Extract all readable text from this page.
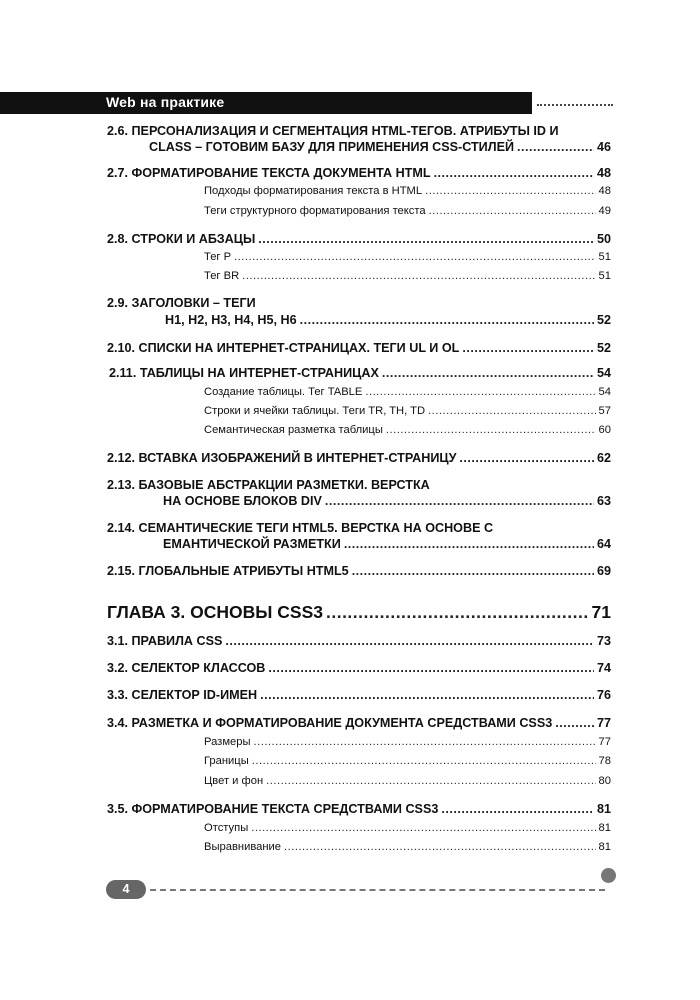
Web на практике
2.6. ПЕРСОНАЛИЗАЦИЯ И СЕГМЕНТАЦИЯ HTML-ТЕГОВ. АТРИБУТЫ ID И
CLASS – ГОТОВИМ БАЗУ ДЛЯ ПРИМЕНЕНИЯ CSS-СТИЛЕЙ .....	46
2.7. ФОРМАТИРОВАНИЕ ТЕКСТА ДОКУМЕНТА HTML .....	48
Подходы форматирования текста в HTML .....	48
Теги структурного форматирования текста .....	49
2.8. СТРОКИ И АБЗАЦЫ .....	50
Тег P .....	51
Тег BR .....	51
2.9. ЗАГОЛОВКИ – ТЕГИ
H1, H2, H3, H4, H5, H6 .....	52
2.10. СПИСКИ НА ИНТЕРНЕТ-СТРАНИЦАХ. ТЕГИ UL И OL .....	52
2.11. ТАБЛИЦЫ НА ИНТЕРНЕТ-СТРАНИЦАХ .....	54
Создание таблицы. Тег TABLE .....	54
Строки и ячейки таблицы. Теги TR, TH, TD .....	57
Семантическая разметка таблицы .....	60
2.12. ВСТАВКА ИЗОБРАЖЕНИЙ В ИНТЕРНЕТ-СТРАНИЦУ .....	62
2.13. БАЗОВЫЕ АБСТРАКЦИИ РАЗМЕТКИ. ВЕРСТКА
НА ОСНОВЕ БЛОКОВ DIV .....	63
2.14. СЕМАНТИЧЕСКИЕ ТЕГИ HTML5. ВЕРСТКА НА ОСНОВЕ С
ЕМАНТИЧЕСКОЙ РАЗМЕТКИ .....	64
2.15. ГЛОБАЛЬНЫЕ АТРИБУТЫ HTML5 .....	69
ГЛАВА 3. ОСНОВЫ CSS3 .....	71
3.1. ПРАВИЛА CSS .....	73
3.2. СЕЛЕКТОР КЛАССОВ .....	74
3.3. СЕЛЕКТОР ID-ИМЕН .....	76
3.4. РАЗМЕТКА И ФОРМАТИРОВАНИЕ ДОКУМЕНТА СРЕДСТВАМИ CSS3 .....	77
Размеры .....	77
Границы .....	78
Цвет и фон .....	80
3.5. ФОРМАТИРОВАНИЕ ТЕКСТА СРЕДСТВАМИ CSS3 .....	81
Отступы .....	81
Выравнивание .....	81
4
